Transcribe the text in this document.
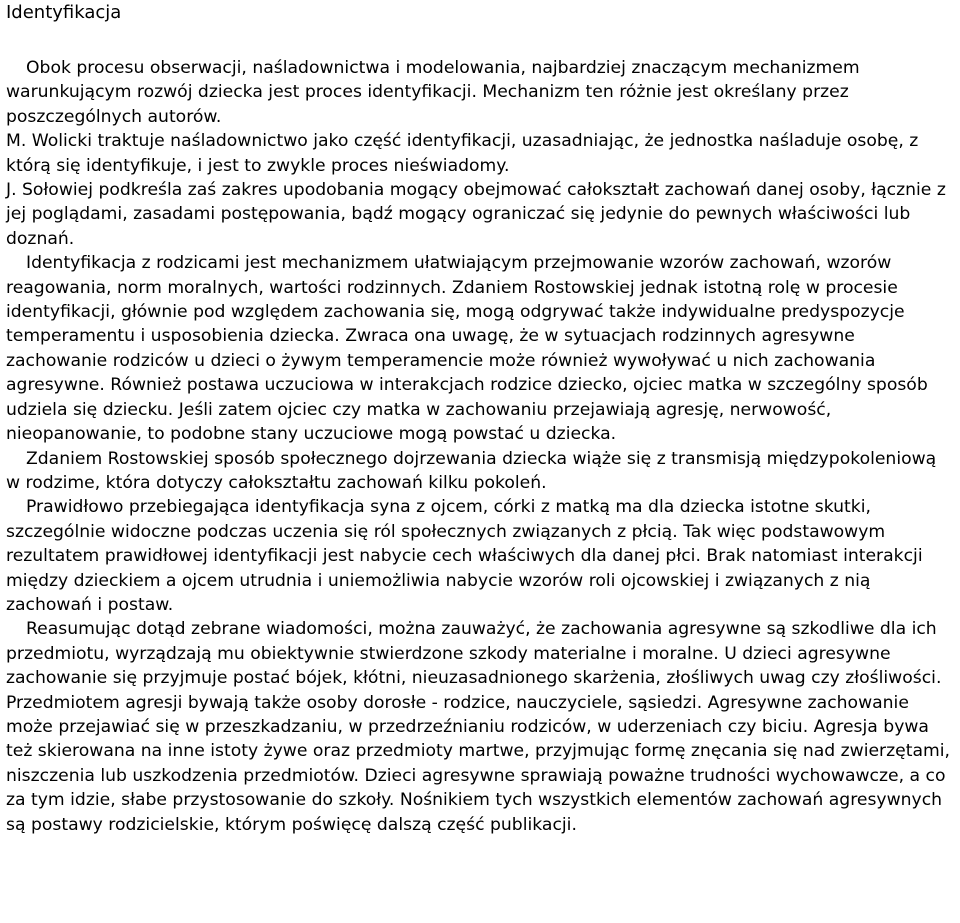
Identyfikacja

Obok procesu obserwacji, naśladownictwa i modelowania, najbardziej znaczącym mechanizmem warunkującym rozwój dziecka jest proces identyfikacji. Mechanizm ten różnie jest określany przez poszczególnych autorów.

M. Wolicki traktuje naśladownictwo jako część identyfikacji, uzasadniając, że jednostka naśladuje osobę, z którą się identyfikuje, i jest to zwykle proces nieświadomy.

J. Sołowiej podkreśla zaś zakres upodobania mogący obejmować całokształt zachowań danej osoby, łącznie z jej poglądami, zasadami postępowania, bądź mogący ograniczać się jedynie do pewnych właściwości lub doznań.

Identyfikacja z rodzicami jest mechanizmem ułatwiającym przejmowanie wzorów zachowań, wzorów reagowania, norm moralnych, wartości rodzinnych. Zdaniem Rostowskiej jednak istotną rolę w procesie identyfikacji, głównie pod względem zachowania się, mogą odgrywać także indywidualne predyspozycje temperamentu i usposobienia dziecka. Zwraca ona uwagę, że w sytuacjach rodzinnych agresywne zachowanie rodziców u dzieci o żywym temperamencie może również wywoływać u nich zachowania agresywne. Również postawa uczuciowa w interakcjach rodzice dziecko, ojciec matka w szczególny sposób udziela się dziecku. Jeśli zatem ojciec czy matka w zachowaniu przejawiają agresję, nerwowość, nieopanowanie, to podobne stany uczuciowe mogą powstać u dziecka.

Zdaniem Rostowskiej sposób społecznego dojrzewania dziecka wiąże się z transmisją międzypokoleniową w rodzime, która dotyczy całokształtu zachowań kilku pokoleń.

Prawidłowo przebiegająca identyfikacja syna z ojcem, córki z matką ma dla dziecka istotne skutki, szczególnie widoczne podczas uczenia się ról społecznych związanych z płcią. Tak więc podstawowym rezultatem prawidłowej identyfikacji jest nabycie cech właściwych dla danej płci. Brak natomiast interakcji między dzieckiem a ojcem utrudnia i uniemożliwia nabycie wzorów roli ojcowskiej i związanych z nią zachowań i postaw.

Reasumując dotąd zebrane wiadomości, można zauważyć, że zachowania agresywne są szkodliwe dla ich przedmiotu, wyrządzają mu obiektywnie stwierdzone szkody materialne i moralne. U dzieci agresywne zachowanie się przyjmuje postać bójek, kłótni, nieuzasadnionego skarżenia, złośliwych uwag czy złośliwości. Przedmiotem agresji bywają także osoby dorosłe - rodzice, nauczyciele, sąsiedzi. Agresywne zachowanie może przejawiać się w przeszkadzaniu, w przedrzeźnianiu rodziców, w uderzeniach czy biciu. Agresja bywa też skierowana na inne istoty żywe oraz przedmioty martwe, przyjmując formę znęcania się nad zwierzętami, niszczenia lub uszkodzenia przedmiotów. Dzieci agresywne sprawiają poważne trudności wychowawcze, a co za tym idzie, słabe przystosowanie do szkoły. Nośnikiem tych wszystkich elementów zachowań agresywnych są postawy rodzicielskie, którym poświęcę dalszą część publikacji.
